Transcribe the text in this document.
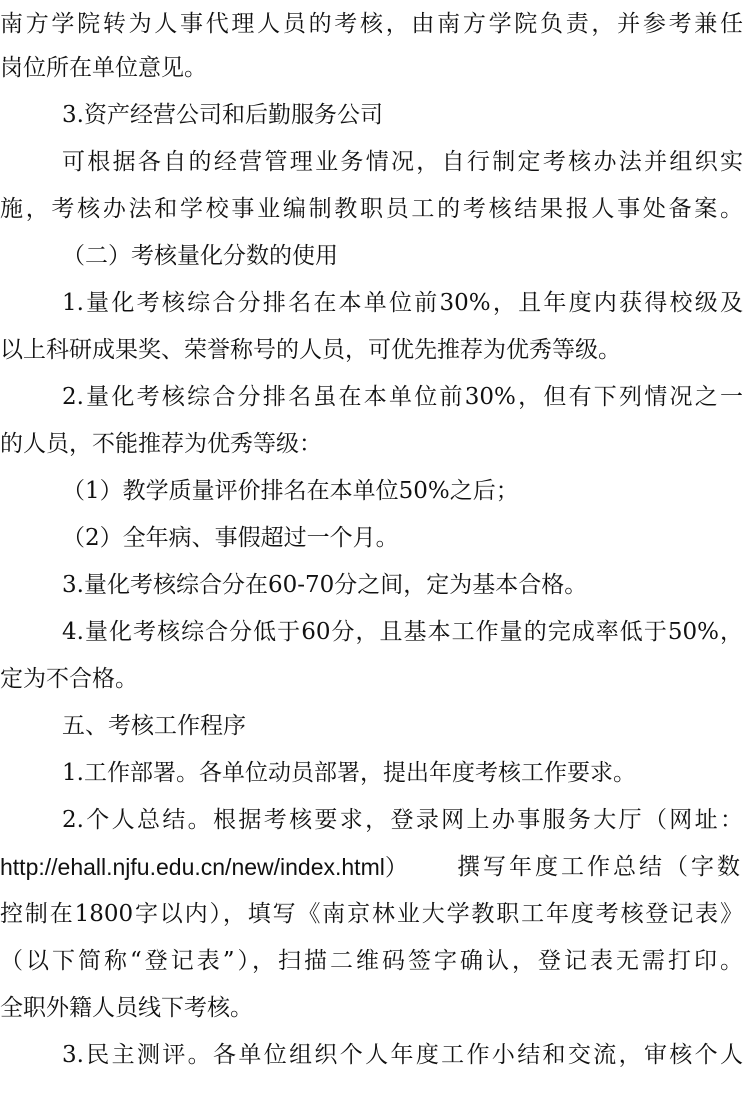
南方学院转为人事代理人员的考核，由南方学院负责，并参考兼任
岗位所在单位意见。
3.资产经营公司和后勤服务公司
可根据各自的经营管理业务情况，自行制定考核办法并组织实
施，考核办法和学校事业编制教职员工的考核结果报人事处备案。
（二）考核量化分数的使用
1.量化考核综合分排名在本单位前30%，且年度内获得校级及
以上科研成果奖、荣誉称号的人员，可优先推荐为优秀等级。
2.量化考核综合分排名虽在本单位前30%，但有下列情况之一
的人员，不能推荐为优秀等级：
（1）教学质量评价排名在本单位50%之后；
（2）全年病、事假超过一个月。
3.量化考核综合分在60-70分之间，定为基本合格。
4.量化考核综合分低于60分，且基本工作量的完成率低于50%，
定为不合格。
五、考核工作程序
1.工作部署。各单位动员部署，提出年度考核工作要求。
2.个人总结。根据考核要求，登录网上办事服务大厅（网址：
http://ehall.njfu.edu.cn/new/index.html） 撰写年度工作总结（字数
控制在1800字以内），填写《南京林业大学教职工年度考核登记表》
（以下简称“登记表”），扫描二维码签字确认，登记表无需打印。
全职外籍人员线下考核。
3.民主测评。各单位组织个人年度工作小结和交流，审核个人
